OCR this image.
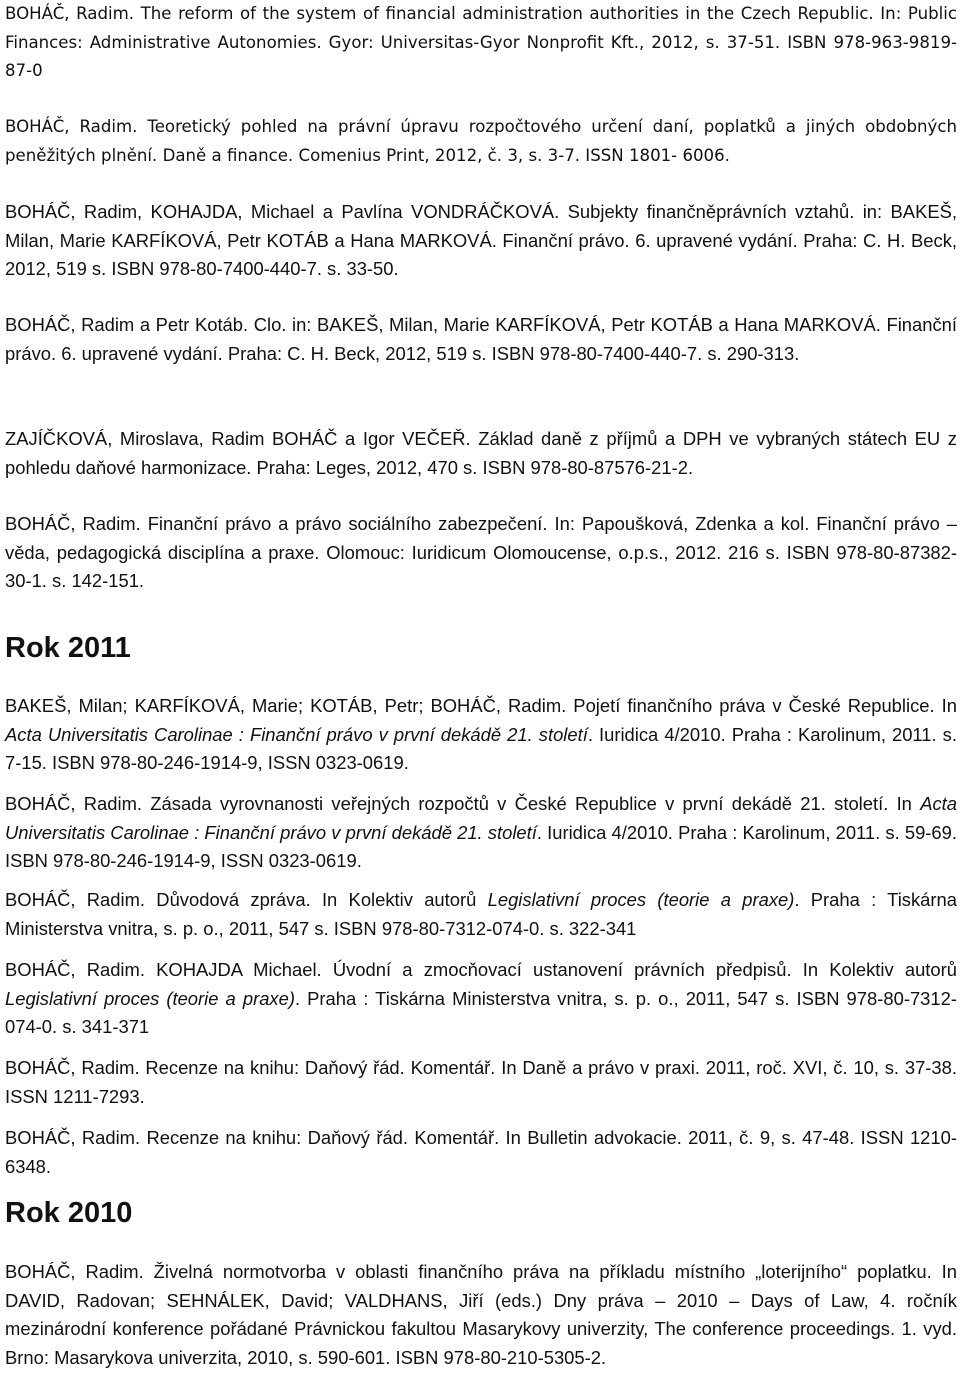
BOHÁČ, Radim. The reform of the system of financial administration authorities in the Czech Republic. In: Public Finances: Administrative Autonomies. Gyor: Universitas-Gyor Nonprofit Kft., 2012, s. 37-51. ISBN 978-963-9819-87-0
BOHÁČ, Radim. Teoretický pohled na právní úpravu rozpočtového určení daní, poplatků a jiných obdobných peněžitých plnění. Daně a finance. Comenius Print, 2012, č. 3, s. 3-7. ISSN 1801- 6006.
BOHÁČ, Radim, KOHAJDA, Michael a Pavlína VONDRÁČKOVÁ. Subjekty finančněprávních vztahů. in: BAKEŠ, Milan, Marie KARFÍKOVÁ, Petr KOTÁB a Hana MARKOVÁ. Finanční právo. 6. upravené vydání. Praha: C. H. Beck, 2012, 519 s. ISBN 978-80-7400-440-7. s. 33-50.
BOHÁČ, Radim a Petr Kotáb. Clo. in: BAKEŠ, Milan, Marie KARFÍKOVÁ, Petr KOTÁB a Hana MARKOVÁ. Finanční právo. 6. upravené vydání. Praha: C. H. Beck, 2012, 519 s. ISBN 978-80-7400-440-7. s. 290-313.
ZAJÍČKOVÁ, Miroslava, Radim BOHÁČ a Igor VEČEŘ. Základ daně z příjmů a DPH ve vybraných státech EU z pohledu daňové harmonizace. Praha: Leges, 2012, 470 s. ISBN 978-80-87576-21-2.
BOHÁČ, Radim. Finanční právo a právo sociálního zabezpečení. In: Papoušková, Zdenka a kol. Finanční právo – věda, pedagogická disciplína a praxe. Olomouc: Iuridicum Olomoucense, o.p.s., 2012. 216 s. ISBN 978-80-87382-30-1. s. 142-151.
Rok 2011
BAKEŠ, Milan; KARFÍKOVÁ, Marie; KOTÁB, Petr; BOHÁČ, Radim. Pojetí finančního práva v České Republice. In Acta Universitatis Carolinae : Finanční právo v první dekádě 21. století. Iuridica 4/2010. Praha : Karolinum, 2011. s. 7-15. ISBN 978-80-246-1914-9, ISSN 0323-0619.
BOHÁČ, Radim. Zásada vyrovnanosti veřejných rozpočtů v České Republice v první dekádě 21. století. In Acta Universitatis Carolinae : Finanční právo v první dekádě 21. století. Iuridica 4/2010. Praha : Karolinum, 2011. s. 59-69. ISBN 978-80-246-1914-9, ISSN 0323-0619.
BOHÁČ, Radim. Důvodová zpráva. In Kolektiv autorů Legislativní proces (teorie a praxe). Praha : Tiskárna Ministerstva vnitra, s. p. o., 2011, 547 s. ISBN 978-80-7312-074-0. s. 322-341
BOHÁČ, Radim. KOHAJDA Michael. Úvodní a zmocňovací ustanovení právních předpisů. In Kolektiv autorů Legislativní proces (teorie a praxe). Praha : Tiskárna Ministerstva vnitra, s. p. o., 2011, 547 s. ISBN 978-80-7312-074-0. s. 341-371
BOHÁČ, Radim. Recenze na knihu: Daňový řád. Komentář. In Daně a právo v praxi. 2011, roč. XVI, č. 10, s. 37-38. ISSN 1211-7293.
BOHÁČ, Radim. Recenze na knihu: Daňový řád. Komentář. In Bulletin advokacie. 2011, č. 9, s. 47-48. ISSN 1210-6348.
Rok 2010
BOHÁČ, Radim. Živelná normotvorba v oblasti finančního práva na příkladu místního „loterijního“ poplatku. In DAVID, Radovan; SEHNÁLEK, David; VALDHANS, Jiří (eds.) Dny práva – 2010 – Days of Law, 4. ročník mezinárodní konference pořádané Právnickou fakultou Masarykovy univerzity, The conference proceedings. 1. vyd. Brno: Masarykova univerzita, 2010, s. 590-601. ISBN 978-80-210-5305-2.
